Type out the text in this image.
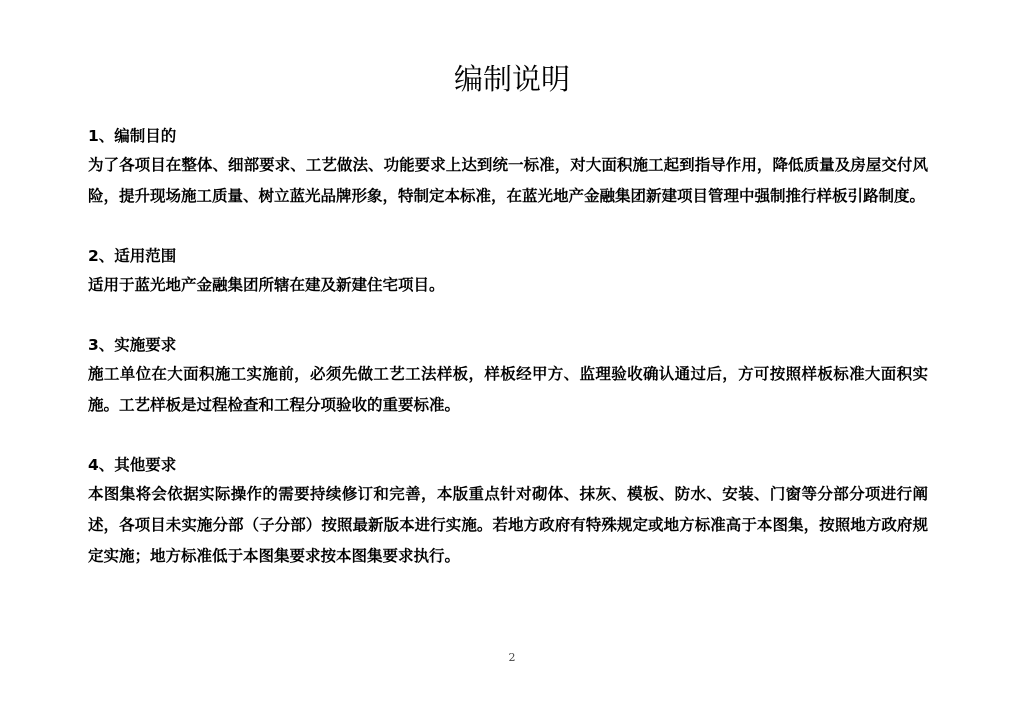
编制说明

1、编制目的

为了各项目在整体、细部要求、工艺做法、功能要求上达到统一标准，对大面积施工起到指导作用，降低质量及房屋交付风险，提升现场施工质量、树立蓝光品牌形象，特制定本标准，在蓝光地产金融集团新建项目管理中强制推行样板引路制度。

2、适用范围

适用于蓝光地产金融集团所辖在建及新建住宅项目。

3、实施要求

施工单位在大面积施工实施前，必须先做工艺工法样板，样板经甲方、监理验收确认通过后，方可按照样板标准大面积实施。工艺样板是过程检查和工程分项验收的重要标准。

4、其他要求

本图集将会依据实际操作的需要持续修订和完善，本版重点针对砌体、抹灰、模板、防水、安装、门窗等分部分项进行阐述，各项目未实施分部（子分部）按照最新版本进行实施。若地方政府有特殊规定或地方标准高于本图集，按照地方政府规定实施；地方标准低于本图集要求按本图集要求执行。

2
